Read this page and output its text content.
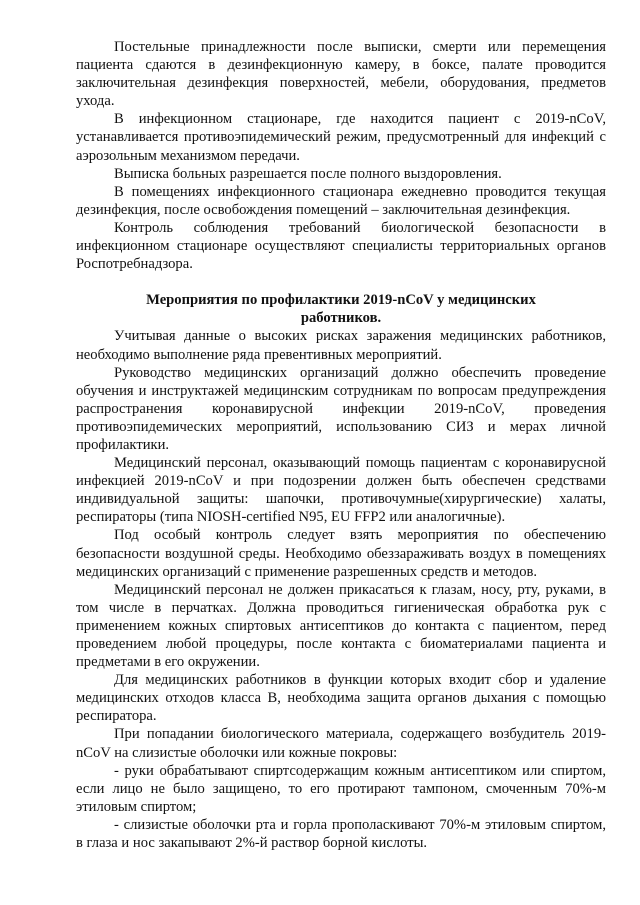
Постельные принадлежности после выписки, смерти или перемещения пациента сдаются в дезинфекционную камеру, в боксе, палате проводится заключительная дезинфекция поверхностей, мебели, оборудования, предметов ухода.

В инфекционном стационаре, где находится пациент с 2019-nCoV, устанавливается противоэпидемический режим, предусмотренный для инфекций с аэрозольным механизмом передачи.

Выписка больных разрешается после полного выздоровления.

В помещениях инфекционного стационара ежедневно проводится текущая дезинфекция, после освобождения помещений – заключительная дезинфекция.

Контроль соблюдения требований биологической безопасности в инфекционном стационаре осуществляют специалисты территориальных органов Роспотребнадзора.

Мероприятия по профилактики 2019-nCoV у медицинских работников.

Учитывая данные о высоких рисках заражения медицинских работников, необходимо выполнение ряда превентивных мероприятий.

Руководство медицинских организаций должно обеспечить проведение обучения и инструктажей медицинским сотрудникам по вопросам предупреждения распространения коронавирусной инфекции 2019-nCoV, проведения противоэпидемических мероприятий, использованию СИЗ и мерах личной профилактики.

Медицинский персонал, оказывающий помощь пациентам с коронавирусной инфекцией 2019-nCoV и при подозрении должен быть обеспечен средствами индивидуальной защиты: шапочки, противочумные(хирургические) халаты, респираторы (типа NIOSH-certified N95, EU FFP2 или аналогичные).

Под особый контроль следует взять мероприятия по обеспечению безопасности воздушной среды. Необходимо обеззараживать воздух в помещениях медицинских организаций с применение разрешенных средств и методов.

Медицинский персонал не должен прикасаться к глазам, носу, рту, руками, в том числе в перчатках. Должна проводиться гигиеническая обработка рук с применением кожных спиртовых антисептиков до контакта с пациентом, перед проведением любой процедуры, после контакта с биоматериалами пациента и предметами в его окружении.

Для медицинских работников в функции которых входит сбор и удаление медицинских отходов класса В, необходима защита органов дыхания с помощью респиратора.

При попадании биологического материала, содержащего возбудитель 2019-nCoV на слизистые оболочки или кожные покровы:

- руки обрабатывают спиртсодержащим кожным антисептиком или спиртом, если лицо не было защищено, то его протирают тампоном, смоченным 70%-м этиловым спиртом;

- слизистые оболочки рта и горла прополаскивают 70%-м этиловым спиртом, в глаза и нос закапывают 2%-й раствор борной кислоты.
